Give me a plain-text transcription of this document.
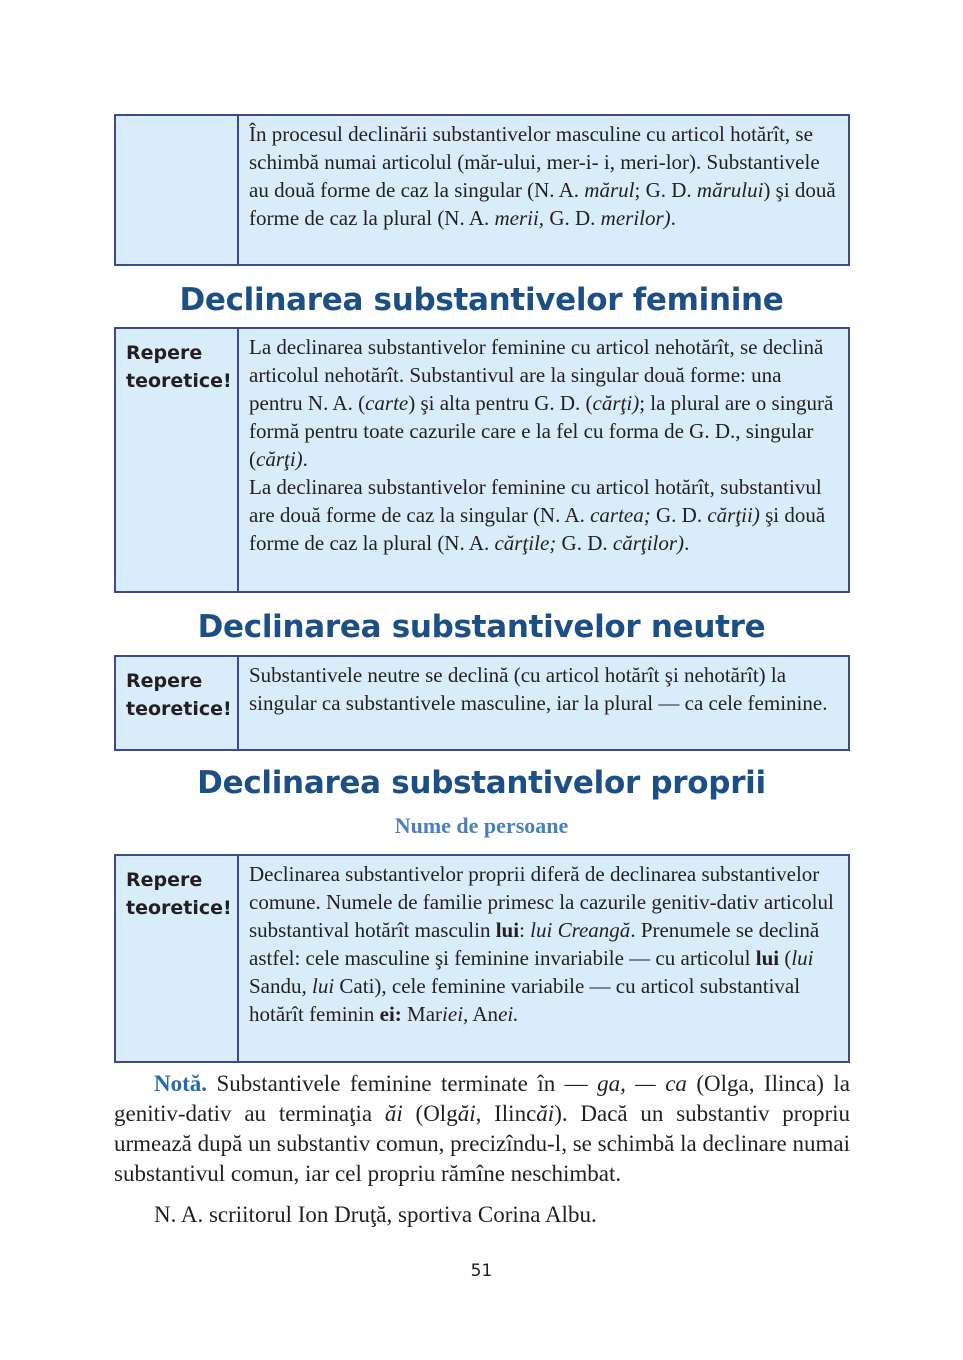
În procesul declinării substantivelor masculine cu articol hotărît, se schimbă numai articolul (măr-ului, mer-i- i, meri-lor). Substantivele au două forme de caz la singular (N. A. mărul; G. D. mărului) şi două forme de caz la plural (N. A. merii, G. D. merilor).

Declinarea substantivelor feminine
Repere
teoretice!

La declinarea substantivelor feminine cu articol nehotărît, se declină articolul nehotărît. Substantivul are la singular două forme: una pentru N. A. (carte) şi alta pentru G. D. (cărţi); la plural are o singură formă pentru toate cazurile care e la fel cu forma de G. D., singular (cărţi).

La declinarea substantivelor feminine cu articol hotărît, substantivul are două forme de caz la singular (N. A. cartea; G. D. cărţii) şi două forme de caz la plural (N. A. cărţile; G. D. cărţilor).

Declinarea substantivelor neutre
Repere
teoretice!

Substantivele neutre se declină (cu articol hotărît şi nehotărît) la singular ca substantivele masculine, iar la plural — ca cele feminine.

Declinarea substantivelor proprii

Nume de persoane

Repere
teoretice!

Declinarea substantivelor proprii diferă de declinarea substantivelor comune. Numele de familie primesc la cazurile genitiv-dativ articolul substantival hotărît masculin lui: lui Creangă. Prenumele se declină astfel: cele masculine şi feminine invariabile — cu articolul lui (lui Sandu, lui Cati), cele feminine variabile — cu articol substantival hotărît feminin ei: Mariei, Anei.

Notă. Substantivele feminine terminate în — ga, — ca (Olga, Ilinca) la genitiv-dativ au terminaţia ăi (Olgăi, Ilincăi). Dacă un substantiv propriu urmează după un substantiv comun, precizîndu-l, se schimbă la declinare numai substantivul comun, iar cel propriu rămîne neschimbat.

N. A. scriitorul Ion Druţă, sportiva Corina Albu.

51
